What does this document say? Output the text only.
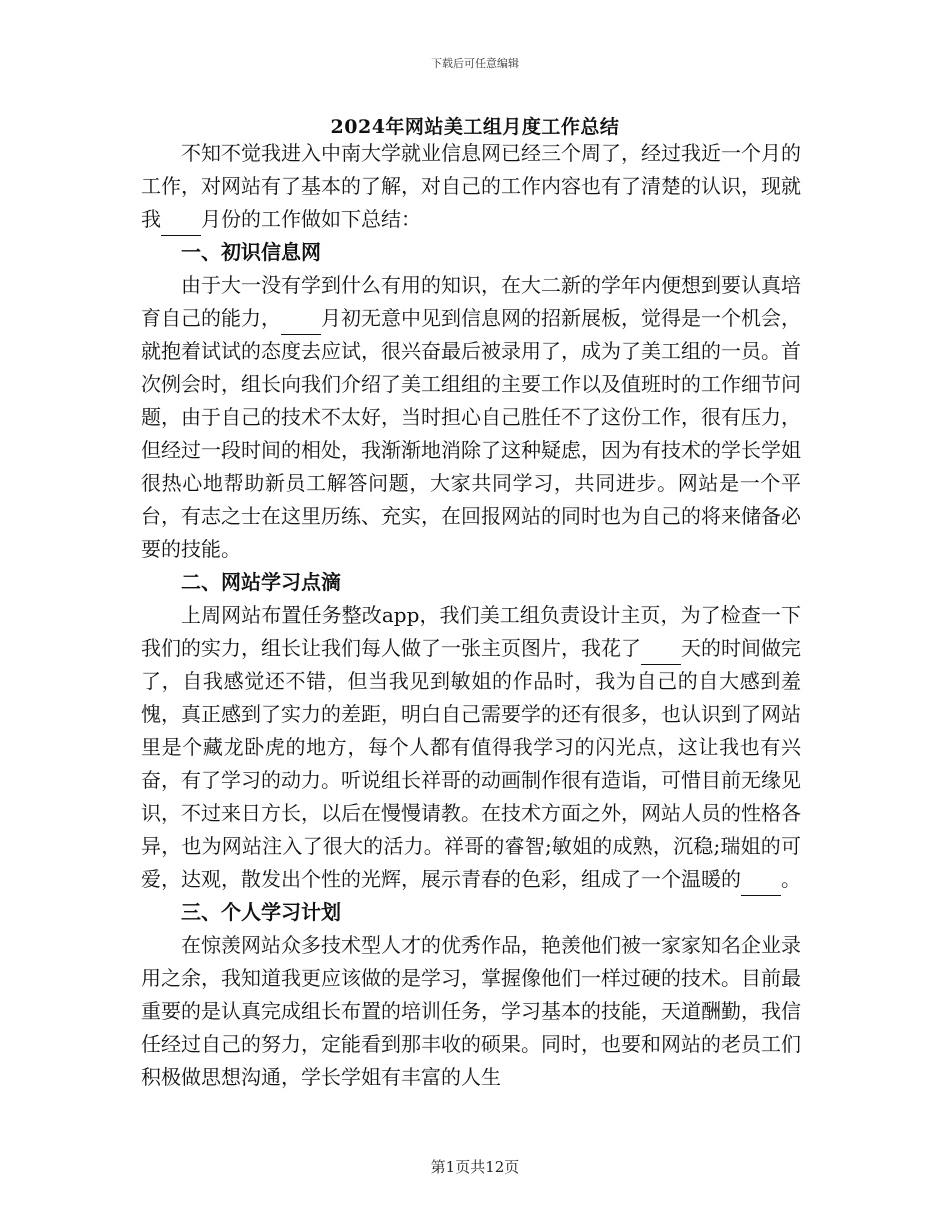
下载后可任意编辑
2024年网站美工组月度工作总结

不知不觉我进入中南大学就业信息网已经三个周了，经过我近一个月的工作，对网站有了基本的了解，对自己的工作内容也有了清楚的认识，现就我 月份的工作做如下总结：

一、初识信息网

由于大一没有学到什么有用的知识，在大二新的学年内便想到要认真培育自己的能力， 月初无意中见到信息网的招新展板，觉得是一个机会，就抱着试试的态度去应试，很兴奋最后被录用了，成为了美工组的一员。首次例会时，组长向我们介绍了美工组组的主要工作以及值班时的工作细节问题，由于自己的技术不太好，当时担心自己胜任不了这份工作，很有压力，但经过一段时间的相处，我渐渐地消除了这种疑虑，因为有技术的学长学姐很热心地帮助新员工解答问题，大家共同学习，共同进步。网站是一个平台，有志之士在这里历练、充实，在回报网站的同时也为自己的将来储备必要的技能。

二、网站学习点滴

上周网站布置任务整改app，我们美工组负责设计主页，为了检查一下我们的实力，组长让我们每人做了一张主页图片，我花了 天的时间做完了，自我感觉还不错，但当我见到敏姐的作品时，我为自己的自大感到羞愧，真正感到了实力的差距，明白自己需要学的还有很多，也认识到了网站里是个藏龙卧虎的地方，每个人都有值得我学习的闪光点，这让我也有兴奋，有了学习的动力。听说组长祥哥的动画制作很有造诣，可惜目前无缘见识，不过来日方长，以后在慢慢请教。在技术方面之外，网站人员的性格各异，也为网站注入了很大的活力。祥哥的睿智;敏姐的成熟，沉稳;瑞姐的可爱，达观，散发出个性的光辉，展示青春的色彩，组成了一个温暖的 。

三、个人学习计划

在惊羡网站众多技术型人才的优秀作品，艳羡他们被一家家知名企业录用之余，我知道我更应该做的是学习，掌握像他们一样过硬的技术。目前最重要的是认真完成组长布置的培训任务，学习基本的技能，天道酬勤，我信任经过自己的努力，定能看到那丰收的硕果。同时，也要和网站的老员工们积极做思想沟通，学长学姐有丰富的人生

第1页共12页
